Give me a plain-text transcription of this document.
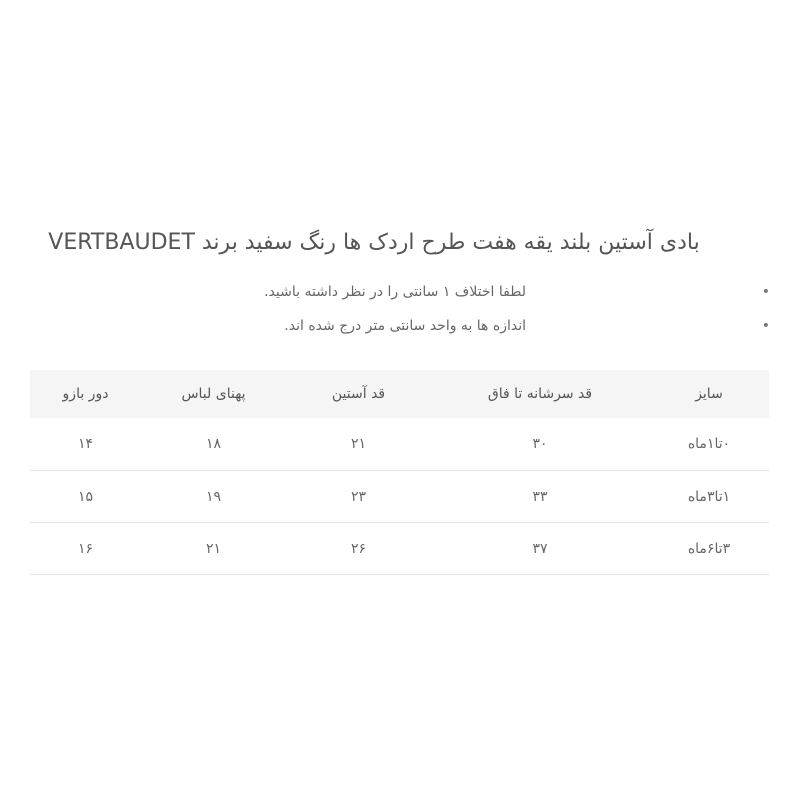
بادی آستین بلند یقه هفت طرح اردک ها رنگ سفید برند VERTBAUDET
•
لطفا اختلاف ۱ سانتی را در نظر داشته باشید.
•
اندازه ها به واحد سانتی متر درج شده اند.
سایز	قد سرشانه تا فاق	قد آستین	پهنای لباس	دور بازو
۰تا۱ماه	۳۰	۲۱	۱۸	۱۴
۱تا۳ماه	۳۳	۲۳	۱۹	۱۵
۳تا۶ماه	۳۷	۲۶	۲۱	۱۶
